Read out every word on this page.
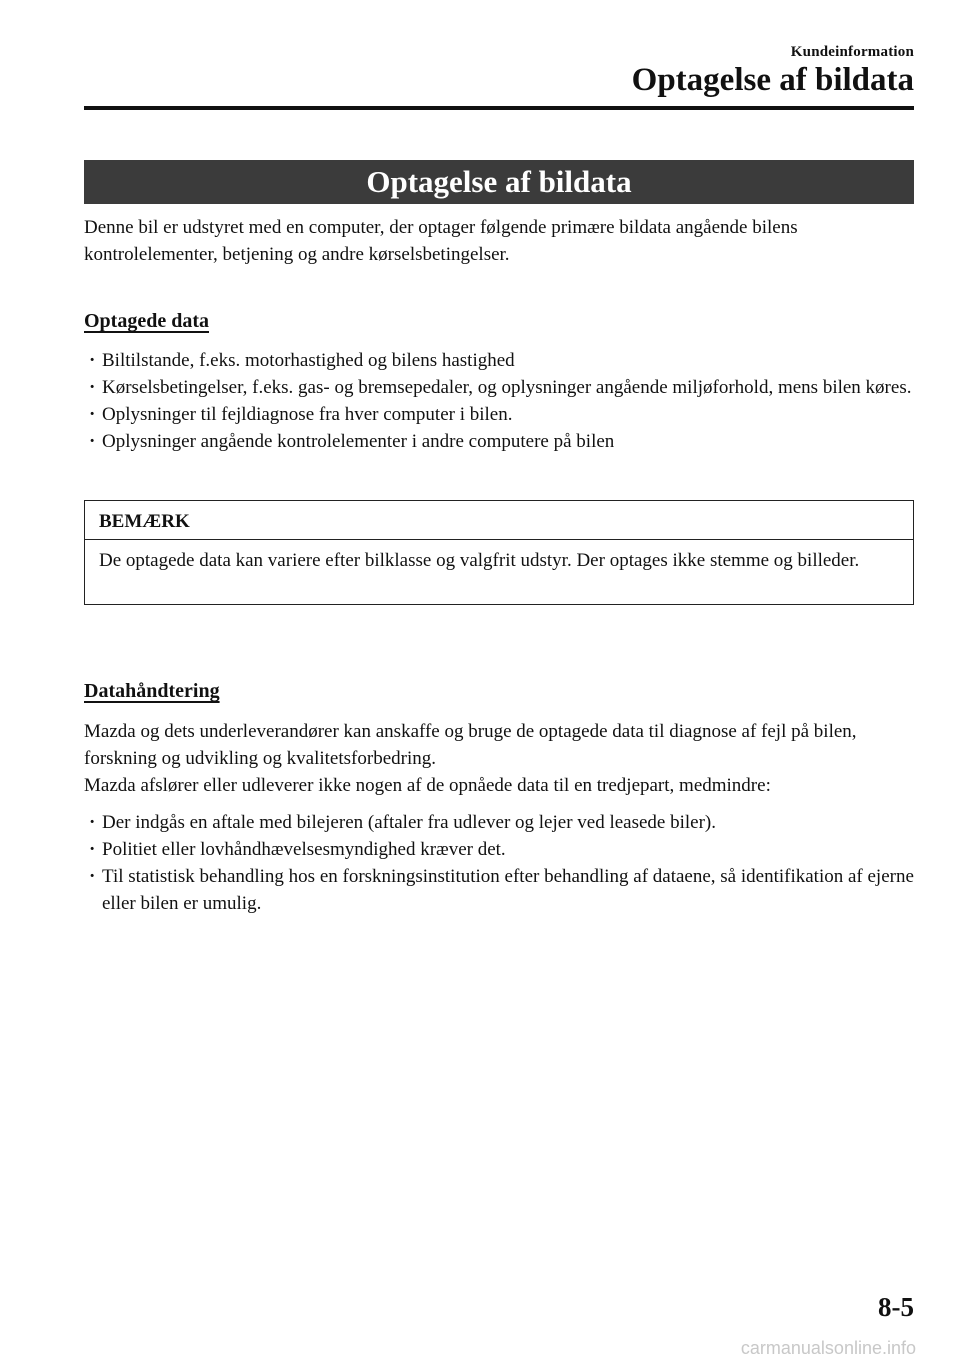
Kundeinformation
Optagelse af bildata
Optagelse af bildata
Denne bil er udstyret med en computer, der optager følgende primære bildata angående bilens kontrolelementer, betjening og andre kørselsbetingelser.
Optagede data
· Biltilstande, f.eks. motorhastighed og bilens hastighed
· Kørselsbetingelser, f.eks. gas- og bremsepedaler, og oplysninger angående miljøforhold, mens bilen køres.
· Oplysninger til fejldiagnose fra hver computer i bilen.
· Oplysninger angående kontrolelementer i andre computere på bilen
BEMÆRK
De optagede data kan variere efter bilklasse og valgfrit udstyr. Der optages ikke stemme og billeder.
Datahåndtering
Mazda og dets underleverandører kan anskaffe og bruge de optagede data til diagnose af fejl på bilen, forskning og udvikling og kvalitetsforbedring.
Mazda afslører eller udleverer ikke nogen af de opnåede data til en tredjepart, medmindre:
· Der indgås en aftale med bilejeren (aftaler fra udlever og lejer ved leasede biler).
· Politiet eller lovhåndhævelsesmyndighed kræver det.
· Til statistisk behandling hos en forskningsinstitution efter behandling af dataene, så identifikation af ejerne eller bilen er umulig.
8-5
carmanualsonline.info
